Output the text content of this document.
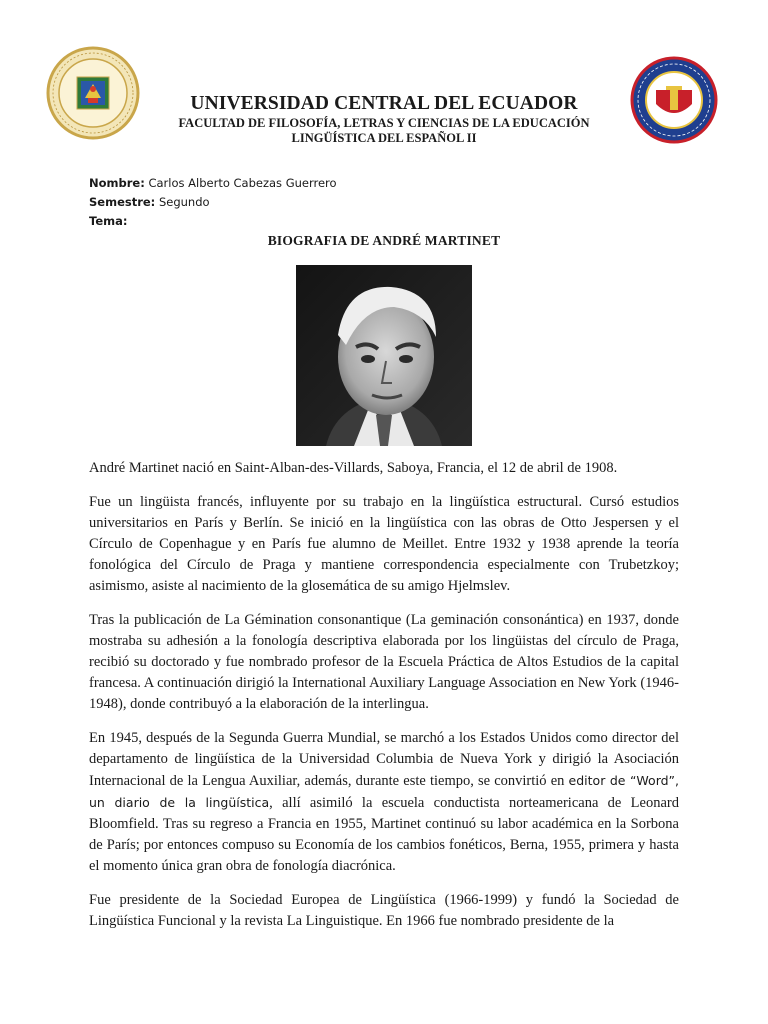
UNIVERSIDAD CENTRAL DEL ECUADOR
FACULTAD DE FILOSOFÍA, LETRAS Y CIENCIAS DE LA EDUCACIÓN
LINGÜÍSTICA DEL ESPAÑOL II
Nombre: Carlos Alberto Cabezas Guerrero
Semestre: Segundo
Tema:
BIOGRAFIA DE ANDRÉ MARTINET

André Martinet nació en Saint-Alban-des-Villards, Saboya, Francia, el 12 de abril de 1908.

Fue un lingüista francés, influyente por su trabajo en la lingüística estructural. Cursó estudios universitarios en París y Berlín. Se inició en la lingüística con las obras de Otto Jespersen y el Círculo de Copenhague y en París fue alumno de Meillet. Entre 1932 y 1938 aprende la teoría fonológica del Círculo de Praga y mantiene correspondencia especialmente con Trubetzkoy; asimismo, asiste al nacimiento de la glosemática de su amigo Hjelmslev.

Tras la publicación de La Gémination consonantique (La geminación consonántica) en 1937, donde mostraba su adhesión a la fonología descriptiva elaborada por los lingüistas del círculo de Praga, recibió su doctorado y fue nombrado profesor de la Escuela Práctica de Altos Estudios de la capital francesa. A continuación dirigió la International Auxiliary Language Association en New York (1946-1948), donde contribuyó a la elaboración de la interlingua.

En 1945, después de la Segunda Guerra Mundial, se marchó a los Estados Unidos como director del departamento de lingüística de la Universidad Columbia de Nueva York y dirigió la Asociación Internacional de la Lengua Auxiliar, además, durante este tiempo, se convirtió en editor de “Word”, un diario de la lingüística, allí asimiló la escuela conductista norteamericana de Leonard Bloomfield. Tras su regreso a Francia en 1955, Martinet continuó su labor académica en la Sorbona de París; por entonces compuso su Economía de los cambios fonéticos, Berna, 1955, primera y hasta el momento única gran obra de fonología diacrónica.

Fue presidente de la Sociedad Europea de Lingüística (1966-1999) y fundó la Sociedad de Lingüística Funcional y la revista La Linguistique. En 1966 fue nombrado presidente de la
